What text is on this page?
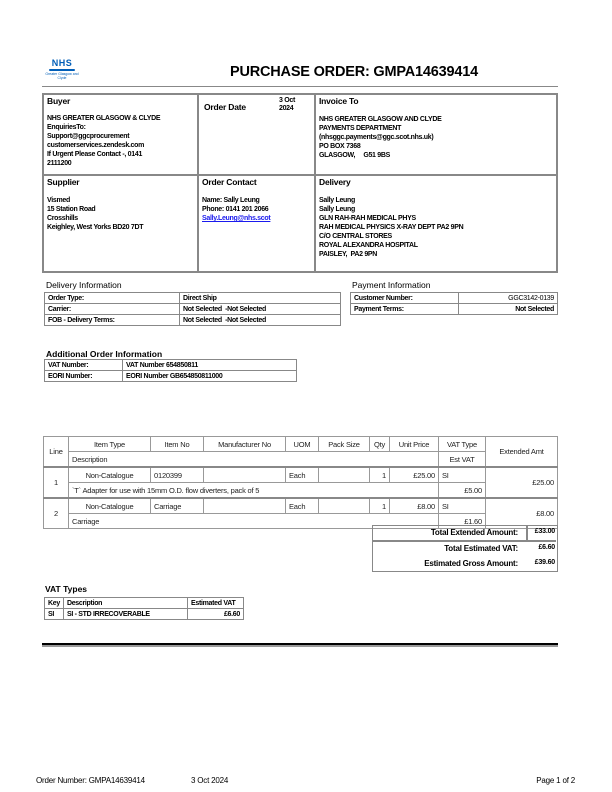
NHS
Greater Glasgow and Clyde	PURCHASE ORDER: GMPA14639414
Buyer
NHS GREATER GLASGOW & CLYDE
EnquiriesTo:
Support@ggcprocurement
customerservices.zendesk.com
If Urgent Please Contact -, 0141
2111200
Order Date
3 Oct
2024
Invoice To
NHS GREATER GLASGOW AND CLYDE
PAYMENTS DEPARTMENT
(nhsggc.payments@ggc.scot.nhs.uk)
PO BOX 7368
GLASGOW,     G51 9BS
Supplier
Vismed
15 Station Road
Crosshills
Keighley, West Yorks BD20 7DT
Order Contact
Name: Sally Leung
Phone: 0141 201 2066
Sally.Leung@nhs.scot
Delivery
Sally Leung
Sally Leung
GLN RAH-RAH MEDICAL PHYS
RAH MEDICAL PHYSICS X-RAY DEPT PA2 9PN
C/O CENTRAL STORES
ROYAL ALEXANDRA HOSPITAL
PAISLEY,  PA2 9PN
Delivery Information
Order Type:	Direct Ship
Carrier:	Not Selected  -Not Selected
FOB - Delivery Terms:	Not Selected  -Not Selected
Payment Information
Customer Number:	GGC3142-0139
Payment Terms:	Not Selected
Additional Order Information
VAT Number:	VAT Number 654850811
EORI Number:	EORI Number GB654850811000
Line	Item Type	Item No	Manufacturer No	UOM	Pack Size	Qty	Unit Price	VAT Type	Extended Amt
	Description							Est VAT	
1	Non-Catalogue	0120399		Each		1	£25.00	SI	£25.00
	`T` Adapter for use with 15mm O.D. flow diverters, pack of 5							£5.00	
2	Non-Catalogue	Carriage		Each		1	£8.00	SI	£8.00
	Carriage							£1.60	
Total Extended Amount: £33.00
Total Estimated VAT:	£6.60
Estimated Gross Amount: £39.60
VAT Types
Key	Description	Estimated VAT
SI	SI - STD IRRECOVERABLE	£6.60
Order Number: GMPA14639414	3 Oct 2024	Page 1 of 2
